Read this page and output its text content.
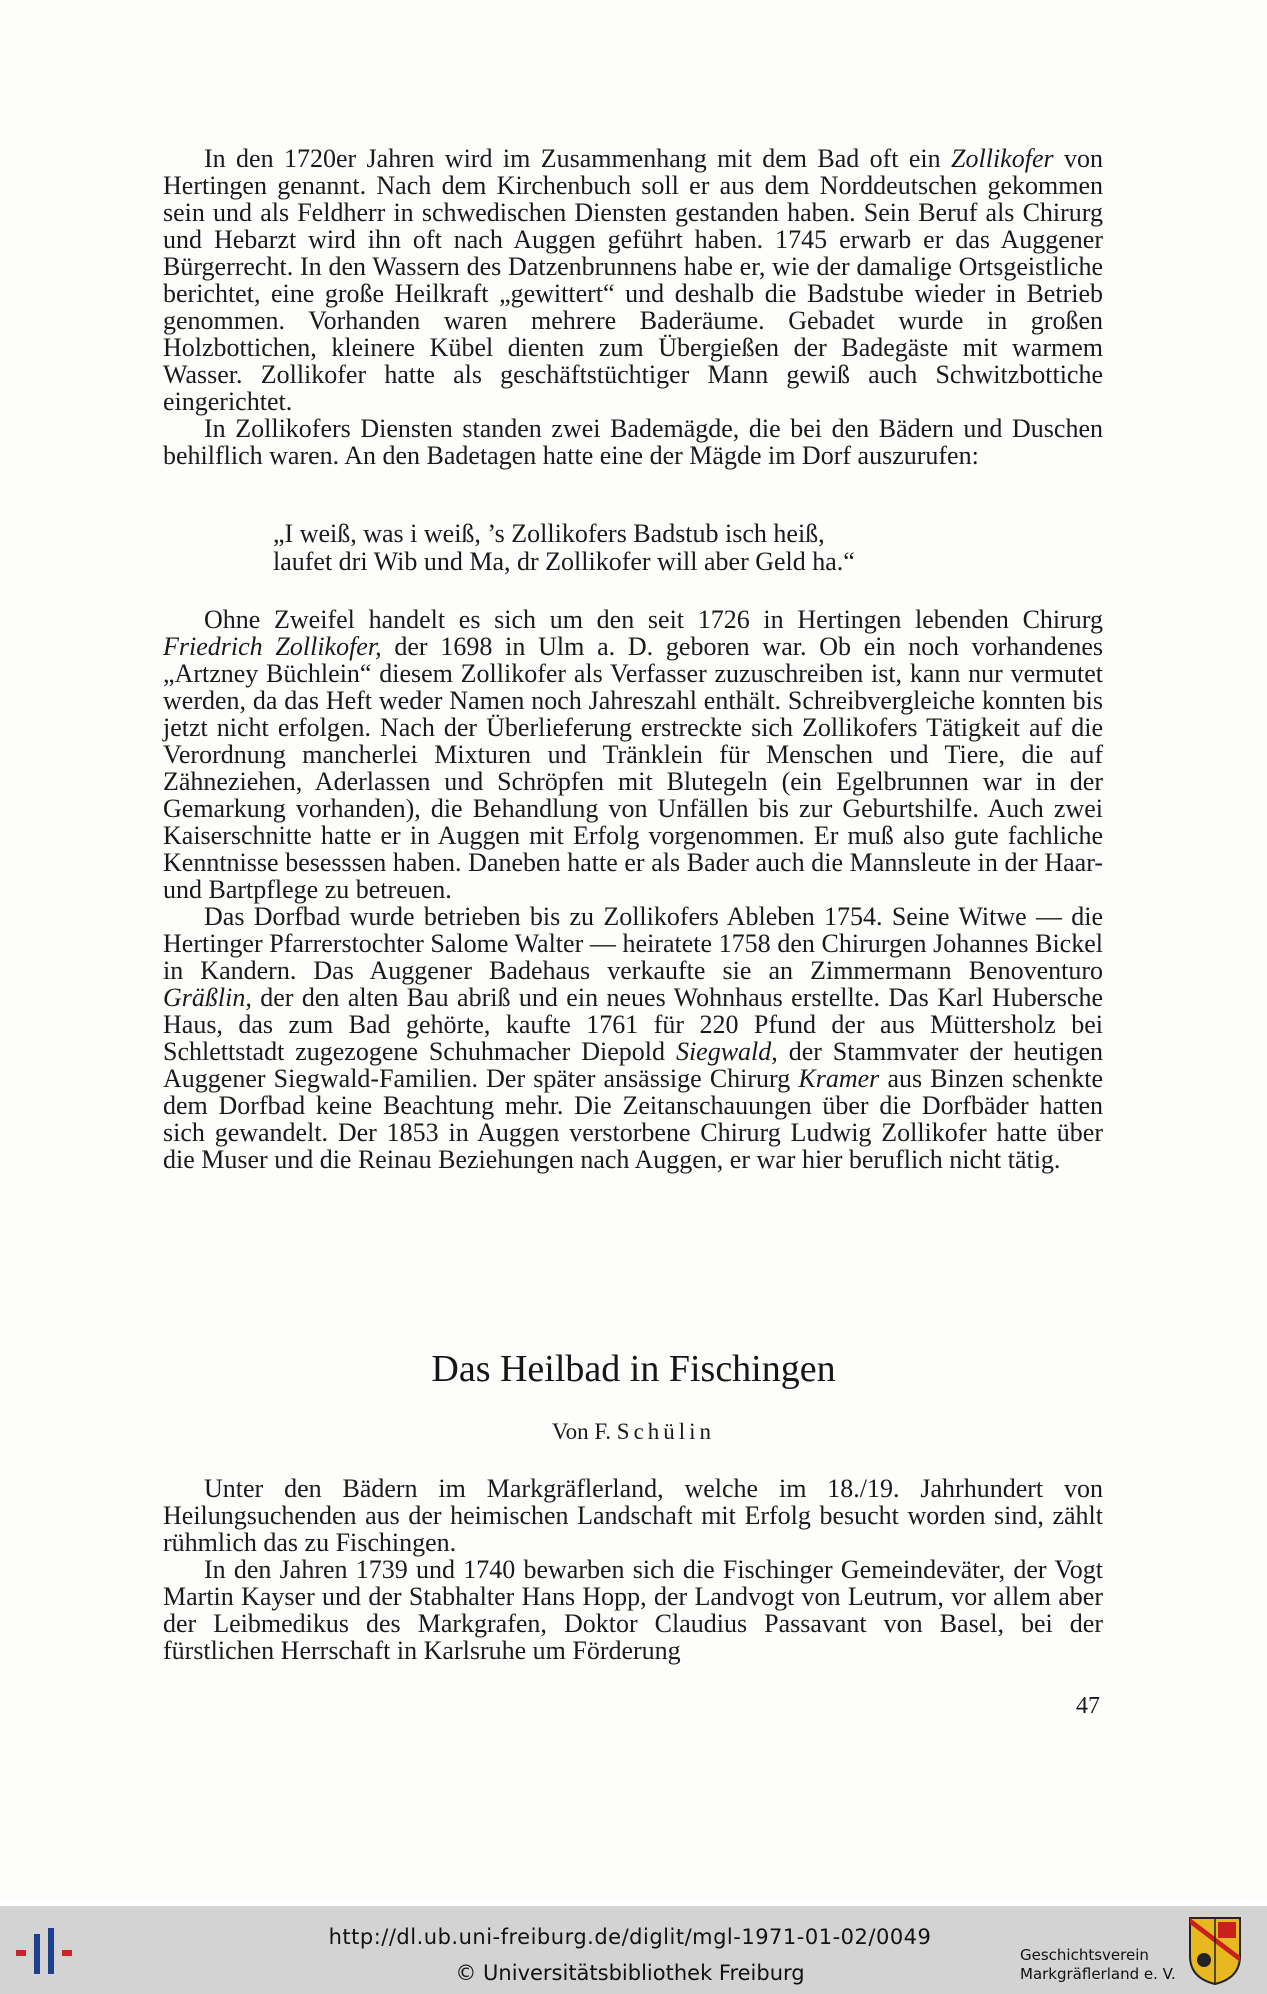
In den 1720er Jahren wird im Zusammenhang mit dem Bad oft ein Zollikofer von Hertingen genannt. Nach dem Kirchenbuch soll er aus dem Norddeutschen gekommen sein und als Feldherr in schwedischen Diensten gestanden haben. Sein Beruf als Chirurg und Hebarzt wird ihn oft nach Auggen geführt haben. 1745 erwarb er das Auggener Bürgerrecht. In den Wassern des Datzenbrunnens habe er, wie der damalige Ortsgeistliche berichtet, eine große Heilkraft „gewittert“ und deshalb die Badstube wieder in Betrieb genommen. Vorhanden waren mehrere Baderäume. Gebadet wurde in großen Holzbottichen, kleinere Kübel dienten zum Übergießen der Badegäste mit warmem Wasser. Zollikofer hatte als geschäftstüchtiger Mann gewiß auch Schwitzbottiche eingerichtet.

In Zollikofers Diensten standen zwei Bademägde, die bei den Bädern und Duschen behilflich waren. An den Badetagen hatte eine der Mägde im Dorf auszurufen:

„I weiß, was i weiß, ’s Zollikofers Badstub isch heiß,
laufet dri Wib und Ma, dr Zollikofer will aber Geld ha.“

Ohne Zweifel handelt es sich um den seit 1726 in Hertingen lebenden Chirurg Friedrich Zollikofer, der 1698 in Ulm a. D. geboren war. Ob ein noch vorhandenes „Artzney Büchlein“ diesem Zollikofer als Verfasser zuzuschreiben ist, kann nur vermutet werden, da das Heft weder Namen noch Jahreszahl enthält. Schreibvergleiche konnten bis jetzt nicht erfolgen. Nach der Überlieferung erstreckte sich Zollikofers Tätigkeit auf die Verordnung mancherlei Mixturen und Tränklein für Menschen und Tiere, die auf Zähneziehen, Aderlassen und Schröpfen mit Blutegeln (ein Egelbrunnen war in der Gemarkung vorhanden), die Behandlung von Unfällen bis zur Geburtshilfe. Auch zwei Kaiserschnitte hatte er in Auggen mit Erfolg vorgenommen. Er muß also gute fachliche Kenntnisse besesssen haben. Daneben hatte er als Bader auch die Mannsleute in der Haar- und Bartpflege zu betreuen.

Das Dorfbad wurde betrieben bis zu Zollikofers Ableben 1754. Seine Witwe — die Hertinger Pfarrerstochter Salome Walter — heiratete 1758 den Chirurgen Johannes Bickel in Kandern. Das Auggener Badehaus verkaufte sie an Zimmermann Benoventuro Gräßlin, der den alten Bau abriß und ein neues Wohnhaus erstellte. Das Karl Hubersche Haus, das zum Bad gehörte, kaufte 1761 für 220 Pfund der aus Müttersholz bei Schlettstadt zugezogene Schuhmacher Diepold Siegwald, der Stammvater der heutigen Auggener Siegwald-Familien. Der später ansässige Chirurg Kramer aus Binzen schenkte dem Dorfbad keine Beachtung mehr. Die Zeitanschauungen über die Dorfbäder hatten sich gewandelt. Der 1853 in Auggen verstorbene Chirurg Ludwig Zollikofer hatte über die Muser und die Reinau Beziehungen nach Auggen, er war hier beruflich nicht tätig.

Das Heilbad in Fischingen
Von F. Schülin

Unter den Bädern im Markgräflerland, welche im 18./19. Jahrhundert von Heilungsuchenden aus der heimischen Landschaft mit Erfolg besucht worden sind, zählt rühmlich das zu Fischingen.

In den Jahren 1739 und 1740 bewarben sich die Fischinger Gemeindeväter, der Vogt Martin Kayser und der Stabhalter Hans Hopp, der Landvogt von Leutrum, vor allem aber der Leibmedikus des Markgrafen, Doktor Claudius Passavant von Basel, bei der fürstlichen Herrschaft in Karlsruhe um Förderung

47
http://dl.ub.uni-freiburg.de/diglit/mgl-1971-01-02/0049
© Universitätsbibliothek Freiburg
Geschichtsverein
Markgräflerland e. V.
